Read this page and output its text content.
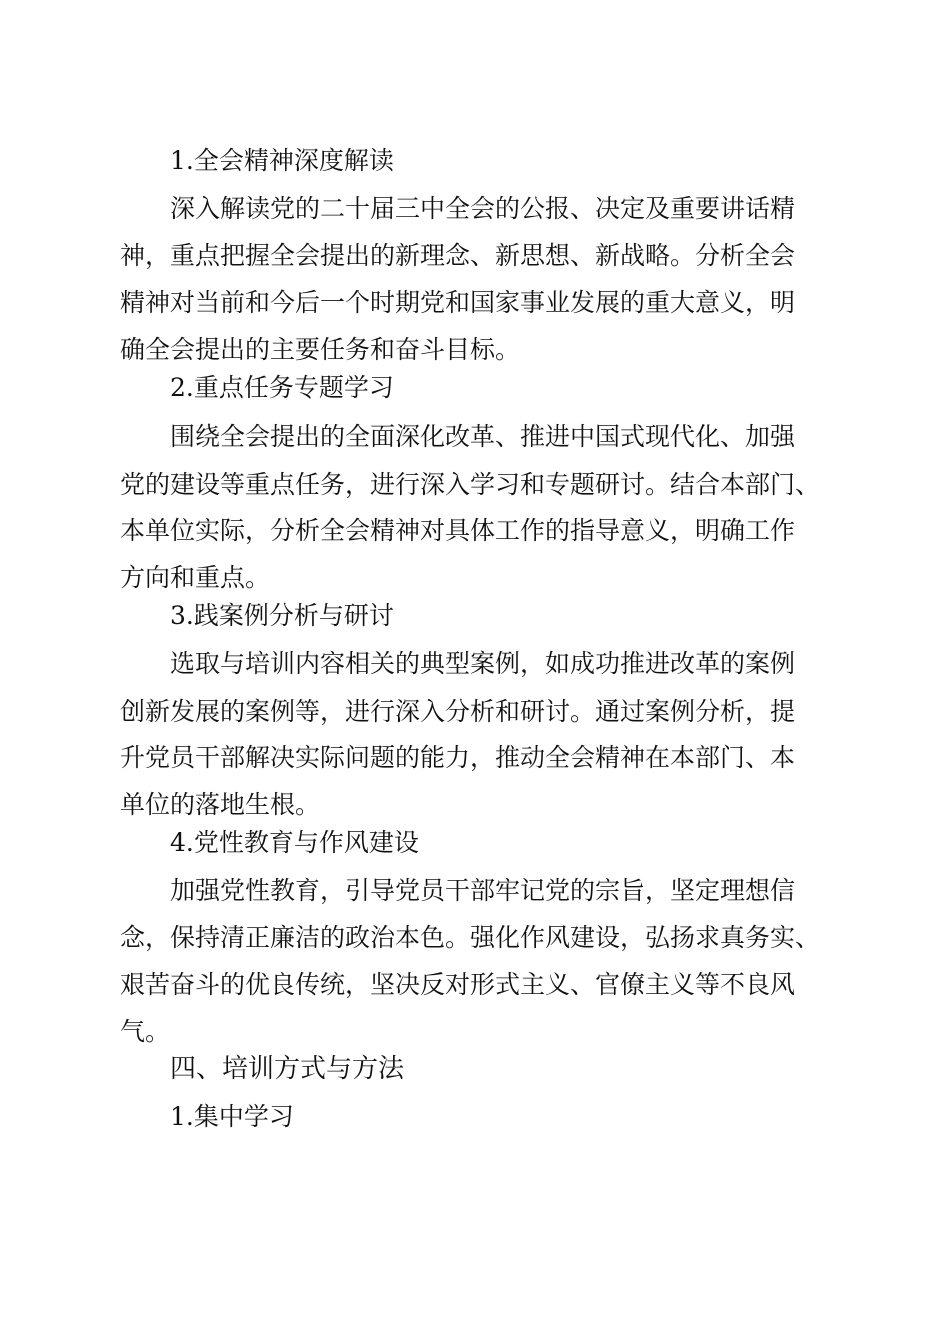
1.全会精神深度解读
深入解读党的二十届三中全会的公报、决定及重要讲话精
神，重点把握全会提出的新理念、新思想、新战略。分析全会
精神对当前和今后一个时期党和国家事业发展的重大意义，明
确全会提出的主要任务和奋斗目标。
2.重点任务专题学习
围绕全会提出的全面深化改革、推进中国式现代化、加强
党的建设等重点任务，进行深入学习和专题研讨。结合本部门、
本单位实际，分析全会精神对具体工作的指导意义，明确工作
方向和重点。
3.践案例分析与研讨
选取与培训内容相关的典型案例，如成功推进改革的案例
创新发展的案例等，进行深入分析和研讨。通过案例分析，提
升党员干部解决实际问题的能力，推动全会精神在本部门、本
单位的落地生根。
4.党性教育与作风建设
加强党性教育，引导党员干部牢记党的宗旨，坚定理想信
念，保持清正廉洁的政治本色。强化作风建设，弘扬求真务实、
艰苦奋斗的优良传统，坚决反对形式主义、官僚主义等不良风
气。
四、培训方式与方法
1.集中学习
